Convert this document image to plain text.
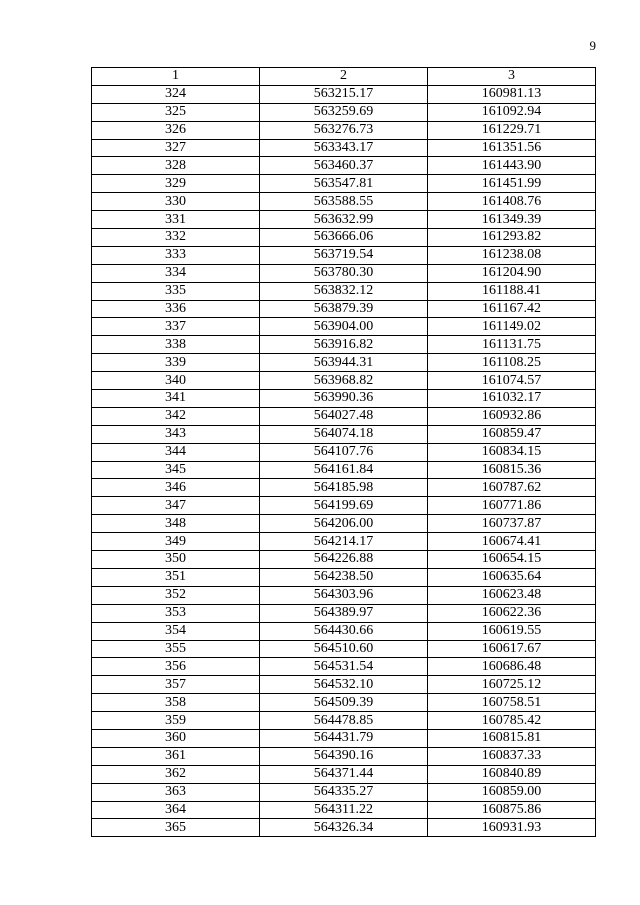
9
1	2	3
324	563215.17	160981.13
325	563259.69	161092.94
326	563276.73	161229.71
327	563343.17	161351.56
328	563460.37	161443.90
329	563547.81	161451.99
330	563588.55	161408.76
331	563632.99	161349.39
332	563666.06	161293.82
333	563719.54	161238.08
334	563780.30	161204.90
335	563832.12	161188.41
336	563879.39	161167.42
337	563904.00	161149.02
338	563916.82	161131.75
339	563944.31	161108.25
340	563968.82	161074.57
341	563990.36	161032.17
342	564027.48	160932.86
343	564074.18	160859.47
344	564107.76	160834.15
345	564161.84	160815.36
346	564185.98	160787.62
347	564199.69	160771.86
348	564206.00	160737.87
349	564214.17	160674.41
350	564226.88	160654.15
351	564238.50	160635.64
352	564303.96	160623.48
353	564389.97	160622.36
354	564430.66	160619.55
355	564510.60	160617.67
356	564531.54	160686.48
357	564532.10	160725.12
358	564509.39	160758.51
359	564478.85	160785.42
360	564431.79	160815.81
361	564390.16	160837.33
362	564371.44	160840.89
363	564335.27	160859.00
364	564311.22	160875.86
365	564326.34	160931.93
